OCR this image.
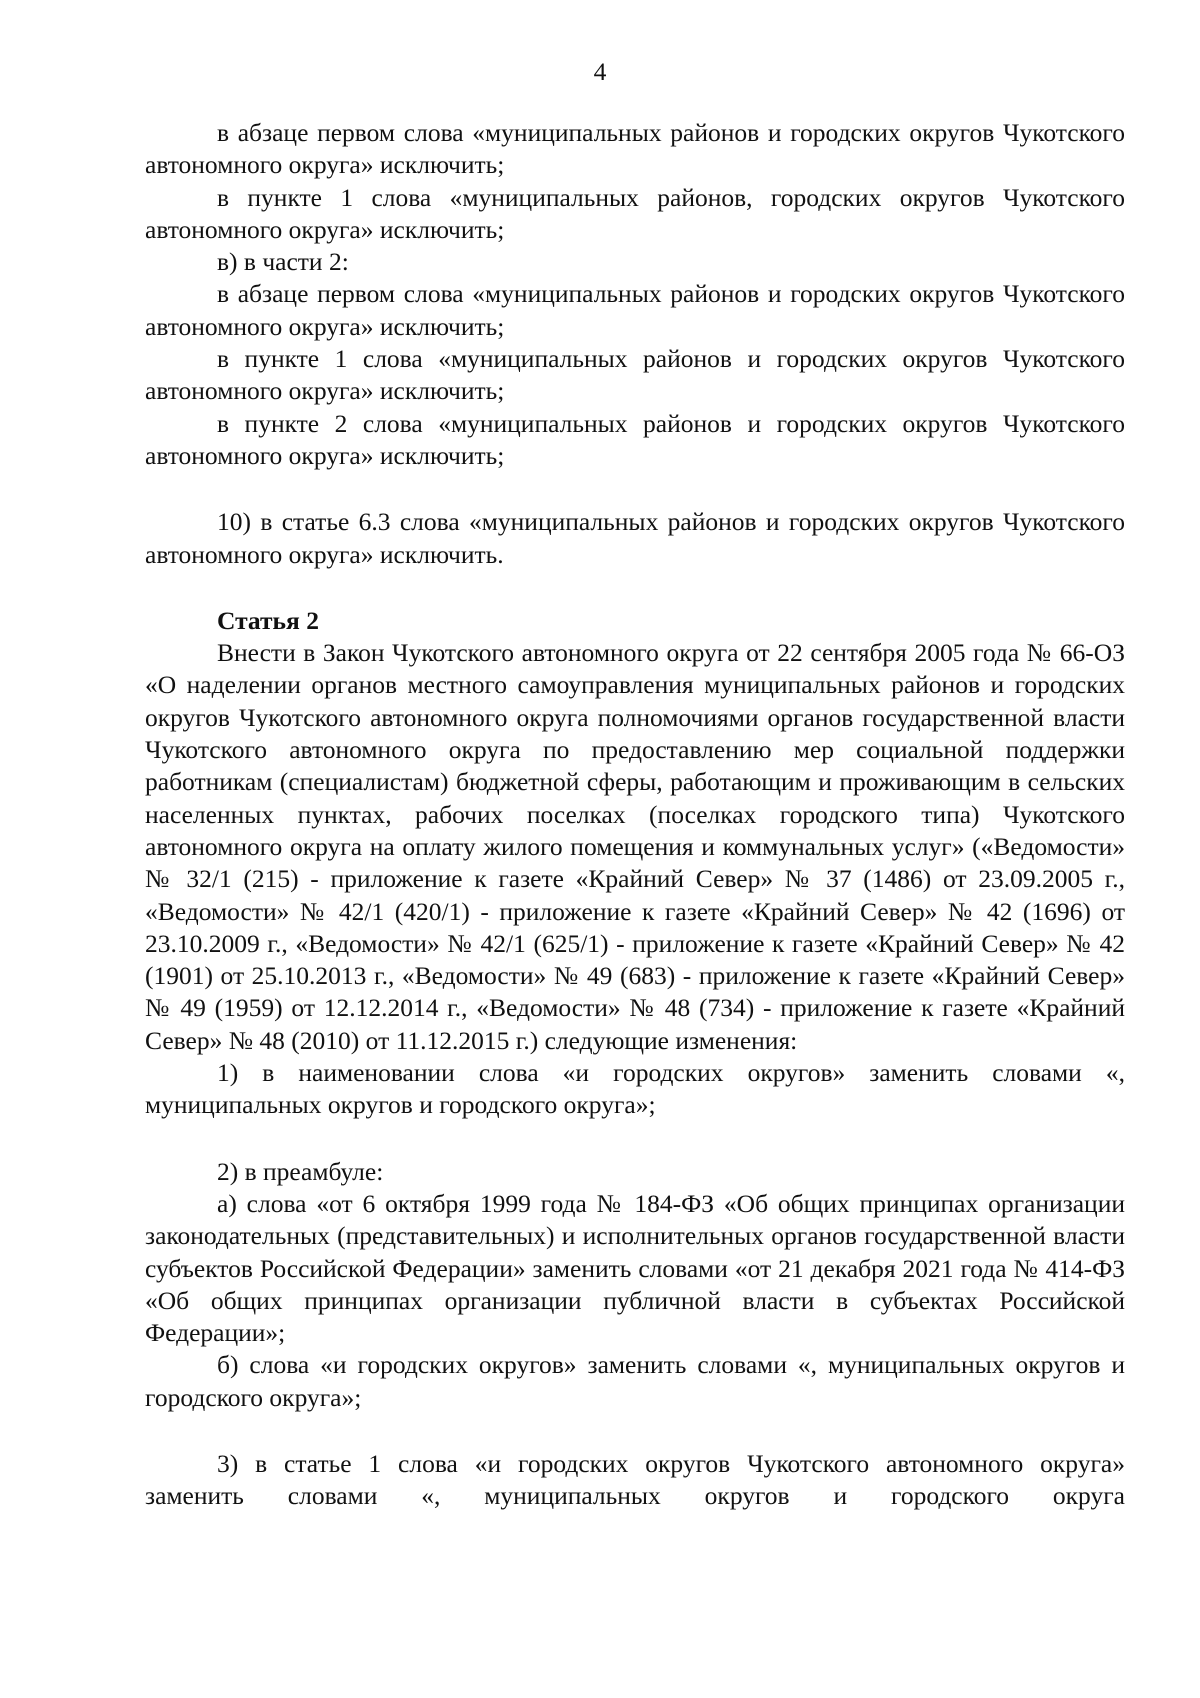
4

в абзаце первом слова «муниципальных районов и городских округов Чукотского автономного округа» исключить;

в пункте 1 слова «муниципальных районов, городских округов Чукотского автономного округа» исключить;

в) в части 2:

в абзаце первом слова «муниципальных районов и городских округов Чукотского автономного округа» исключить;

в пункте 1 слова «муниципальных районов и городских округов Чукотского автономного округа» исключить;

в пункте 2 слова «муниципальных районов и городских округов Чукотского автономного округа» исключить;

10) в статье 6.3 слова «муниципальных районов и городских округов Чукотского автономного округа» исключить.

Статья 2

Внести в Закон Чукотского автономного округа от 22 сентября 2005 года № 66-ОЗ «О наделении органов местного самоуправления муниципальных районов и городских округов Чукотского автономного округа полномочиями органов государственной власти Чукотского автономного округа по предоставлению мер социальной поддержки работникам (специалистам) бюджетной сферы, работающим и проживающим в сельских населенных пунктах, рабочих поселках (поселках городского типа) Чукотского автономного округа на оплату жилого помещения и коммунальных услуг» («Ведомости» № 32/1 (215) - приложение к газете «Крайний Север» № 37 (1486) от 23.09.2005 г., «Ведомости» № 42/1 (420/1) - приложение к газете «Крайний Север» № 42 (1696) от 23.10.2009 г., «Ведомости» № 42/1 (625/1) - приложение к газете «Крайний Север» № 42 (1901) от 25.10.2013 г., «Ведомости» № 49 (683) - приложение к газете «Крайний Север» № 49 (1959) от 12.12.2014 г., «Ведомости» № 48 (734) - приложение к газете «Крайний Север» № 48 (2010) от 11.12.2015 г.) следующие изменения:

1) в наименовании слова «и городских округов» заменить словами «, муниципальных округов и городского округа»;

2) в преамбуле:

а) слова «от 6 октября 1999 года № 184-ФЗ «Об общих принципах организации законодательных (представительных) и исполнительных органов государственной власти субъектов Российской Федерации» заменить словами «от 21 декабря 2021 года № 414-ФЗ «Об общих принципах организации публичной власти в субъектах Российской Федерации»;

б) слова «и городских округов» заменить словами «, муниципальных округов и городского округа»;

3) в статье 1 слова «и городских округов Чукотского автономного округа» заменить словами «, муниципальных округов и городского округа
